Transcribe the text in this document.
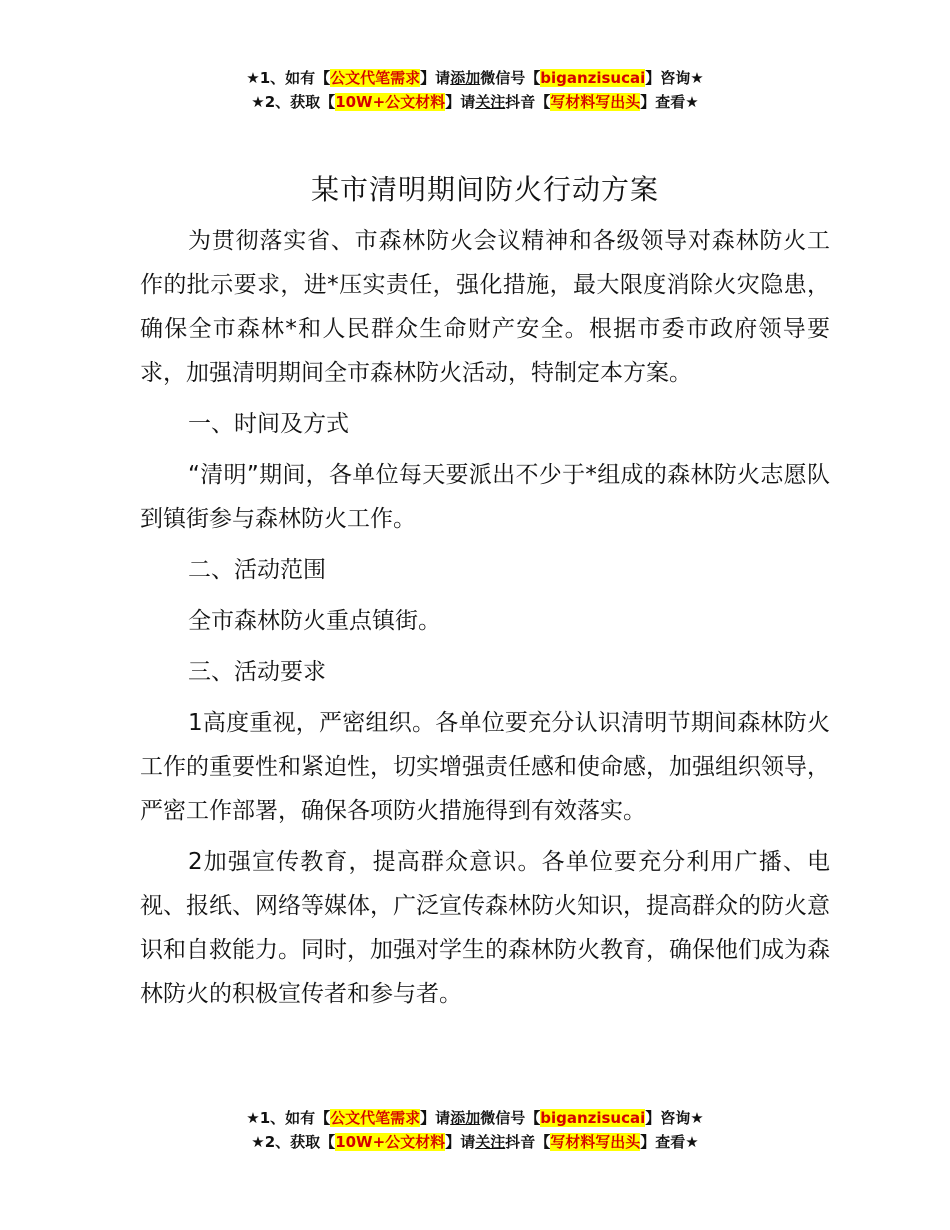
★1、如有【公文代笔需求】请添加微信号【biganzisucai】咨询★
★2、获取【10W+公文材料】请关注抖音【写材料写出头】查看★
某市清明期间防火行动方案

为贯彻落实省、市森林防火会议精神和各级领导对森林防火工作的批示要求，进*压实责任，强化措施，最大限度消除火灾隐患，确保全市森林*和人民群众生命财产安全。根据市委市政府领导要求，加强清明期间全市森林防火活动，特制定本方案。

一、时间及方式

“清明”期间，各单位每天要派出不少于*组成的森林防火志愿队到镇街参与森林防火工作。

二、活动范围

全市森林防火重点镇街。

三、活动要求

1高度重视，严密组织。各单位要充分认识清明节期间森林防火工作的重要性和紧迫性，切实增强责任感和使命感，加强组织领导，严密工作部署，确保各项防火措施得到有效落实。

2加强宣传教育，提高群众意识。各单位要充分利用广播、电视、报纸、网络等媒体，广泛宣传森林防火知识，提高群众的防火意识和自救能力。同时，加强对学生的森林防火教育，确保他们成为森林防火的积极宣传者和参与者。

★1、如有【公文代笔需求】请添加微信号【biganzisucai】咨询★
★2、获取【10W+公文材料】请关注抖音【写材料写出头】查看★
